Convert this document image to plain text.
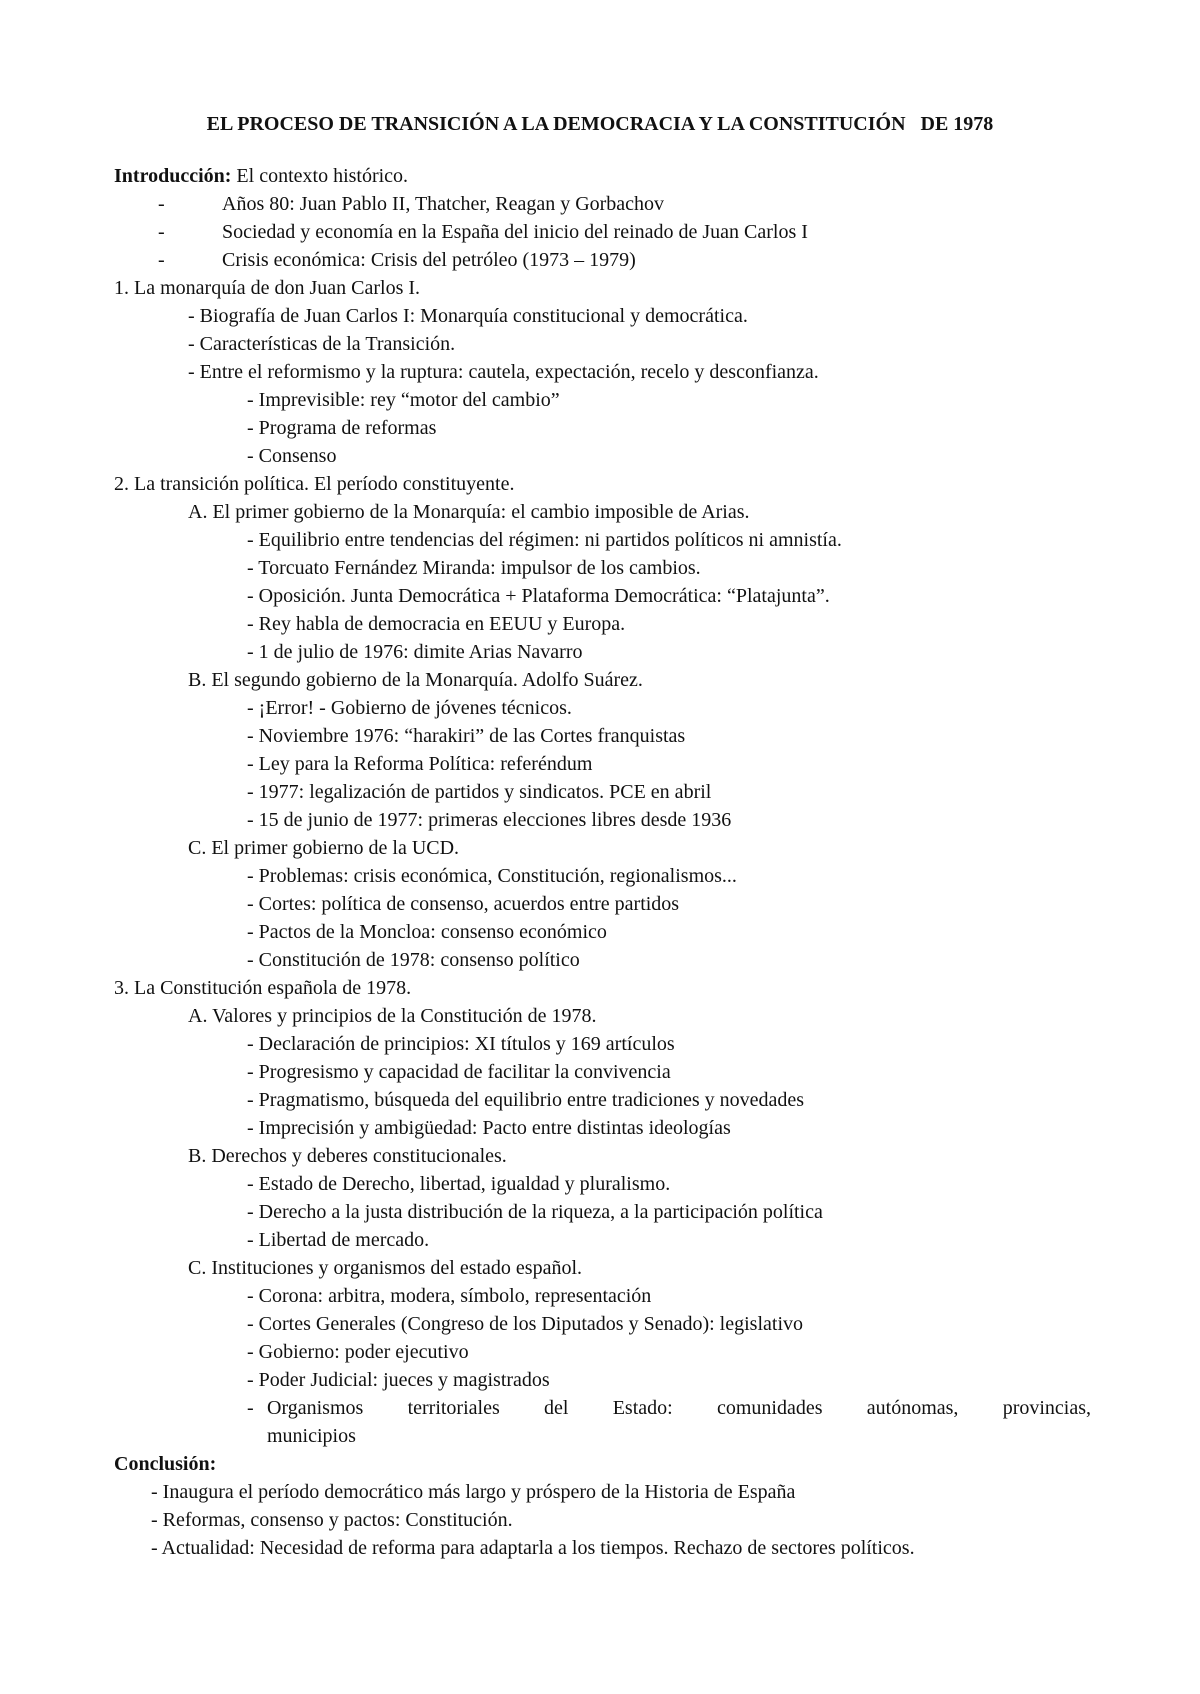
EL PROCESO DE TRANSICIÓN A LA DEMOCRACIA Y LA CONSTITUCIÓN   DE 1978
Introducción: El contexto histórico.
-	Años 80: Juan Pablo II, Thatcher, Reagan y Gorbachov
-	Sociedad y economía en la España del inicio del reinado de Juan Carlos I
-	Crisis económica: Crisis del petróleo (1973 – 1979)
1. La monarquía de don Juan Carlos I.
- Biografía de Juan Carlos I: Monarquía constitucional y democrática.
- Características de la Transición.
- Entre el reformismo y la ruptura: cautela, expectación, recelo y desconfianza.
- Imprevisible: rey “motor del cambio”
- Programa de reformas
- Consenso
2. La transición política. El período constituyente.
A. El primer gobierno de la Monarquía: el cambio imposible de Arias.
- Equilibrio entre tendencias del régimen: ni partidos políticos ni amnistía.
- Torcuato Fernández Miranda: impulsor de los cambios.
- Oposición. Junta Democrática + Plataforma Democrática: “Platajunta”.
- Rey habla de democracia en EEUU y Europa.
- 1 de julio de 1976: dimite Arias Navarro
B. El segundo gobierno de la Monarquía. Adolfo Suárez.
- ¡Error! - Gobierno de jóvenes técnicos.
- Noviembre 1976: “harakiri” de las Cortes franquistas
- Ley para la Reforma Política: referéndum
- 1977: legalización de partidos y sindicatos. PCE en abril
- 15 de junio de 1977: primeras elecciones libres desde 1936
C. El primer gobierno de la UCD.
- Problemas: crisis económica, Constitución, regionalismos...
- Cortes: política de consenso, acuerdos entre partidos
- Pactos de la Moncloa: consenso económico
- Constitución de 1978: consenso político
3. La Constitución española de 1978.
A. Valores y principios de la Constitución de 1978.
- Declaración de principios: XI títulos y 169 artículos
- Progresismo y capacidad de facilitar la convivencia
- Pragmatismo, búsqueda del equilibrio entre tradiciones y novedades
- Imprecisión y ambigüedad: Pacto entre distintas ideologías
B. Derechos y deberes constitucionales.
- Estado de Derecho, libertad, igualdad y pluralismo.
- Derecho a la justa distribución de la riqueza, a la participación política
- Libertad de mercado.
C. Instituciones y organismos del estado español.
- Corona: arbitra, modera, símbolo, representación
- Cortes Generales (Congreso de los Diputados y Senado): legislativo
- Gobierno: poder ejecutivo
- Poder Judicial: jueces y magistrados
- Organismos territoriales del Estado: comunidades autónomas, provincias,
municipios
Conclusión:
- Inaugura el período democrático más largo y próspero de la Historia de España
- Reformas, consenso y pactos: Constitución.
- Actualidad: Necesidad de reforma para adaptarla a los tiempos. Rechazo de sectores políticos.
